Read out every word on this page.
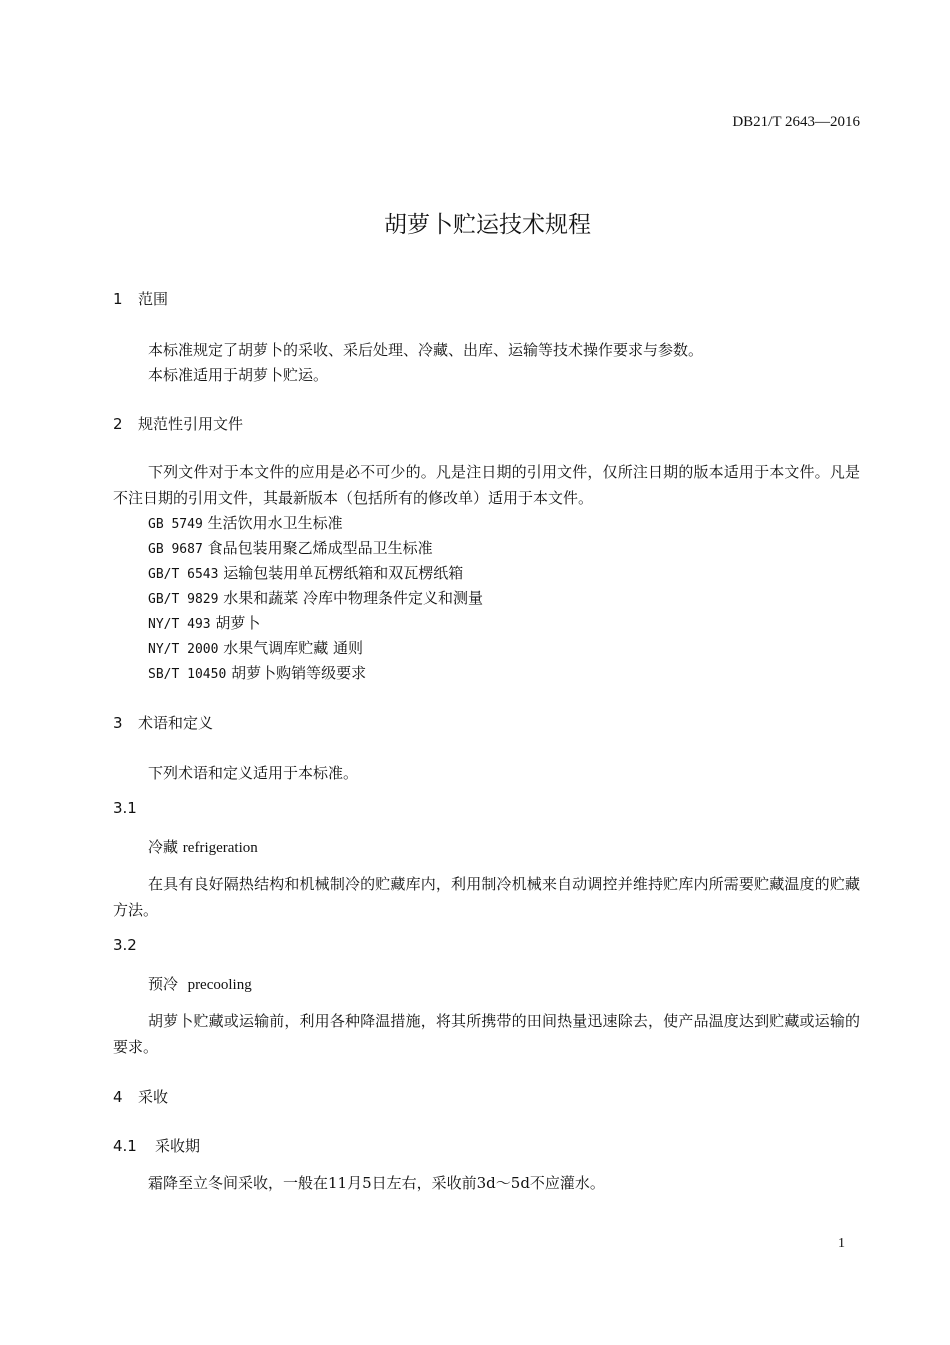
DB21/T 2643—2016
胡萝卜贮运技术规程
1 范围
本标准规定了胡萝卜的采收、采后处理、冷藏、出库、运输等技术操作要求与参数。
本标准适用于胡萝卜贮运。
2 规范性引用文件
下列文件对于本文件的应用是必不可少的。凡是注日期的引用文件，仅所注日期的版本适用于本文件。凡是不注日期的引用文件，其最新版本（包括所有的修改单）适用于本文件。
GB 5749 生活饮用水卫生标准
GB 9687 食品包装用聚乙烯成型品卫生标准
GB/T 6543 运输包装用单瓦楞纸箱和双瓦楞纸箱
GB/T 9829 水果和蔬菜 冷库中物理条件定义和测量
NY/T 493 胡萝卜
NY/T 2000 水果气调库贮藏 通则
SB/T 10450 胡萝卜购销等级要求
3 术语和定义
下列术语和定义适用于本标准。
3.1
冷藏 refrigeration
在具有良好隔热结构和机械制冷的贮藏库内，利用制冷机械来自动调控并维持贮库内所需要贮藏温度的贮藏方法。
3.2
预冷 precooling
胡萝卜贮藏或运输前，利用各种降温措施，将其所携带的田间热量迅速除去，使产品温度达到贮藏或运输的要求。
4 采收
4.1 采收期
霜降至立冬间采收，一般在11月5日左右，采收前3d～5d不应灌水。
1
